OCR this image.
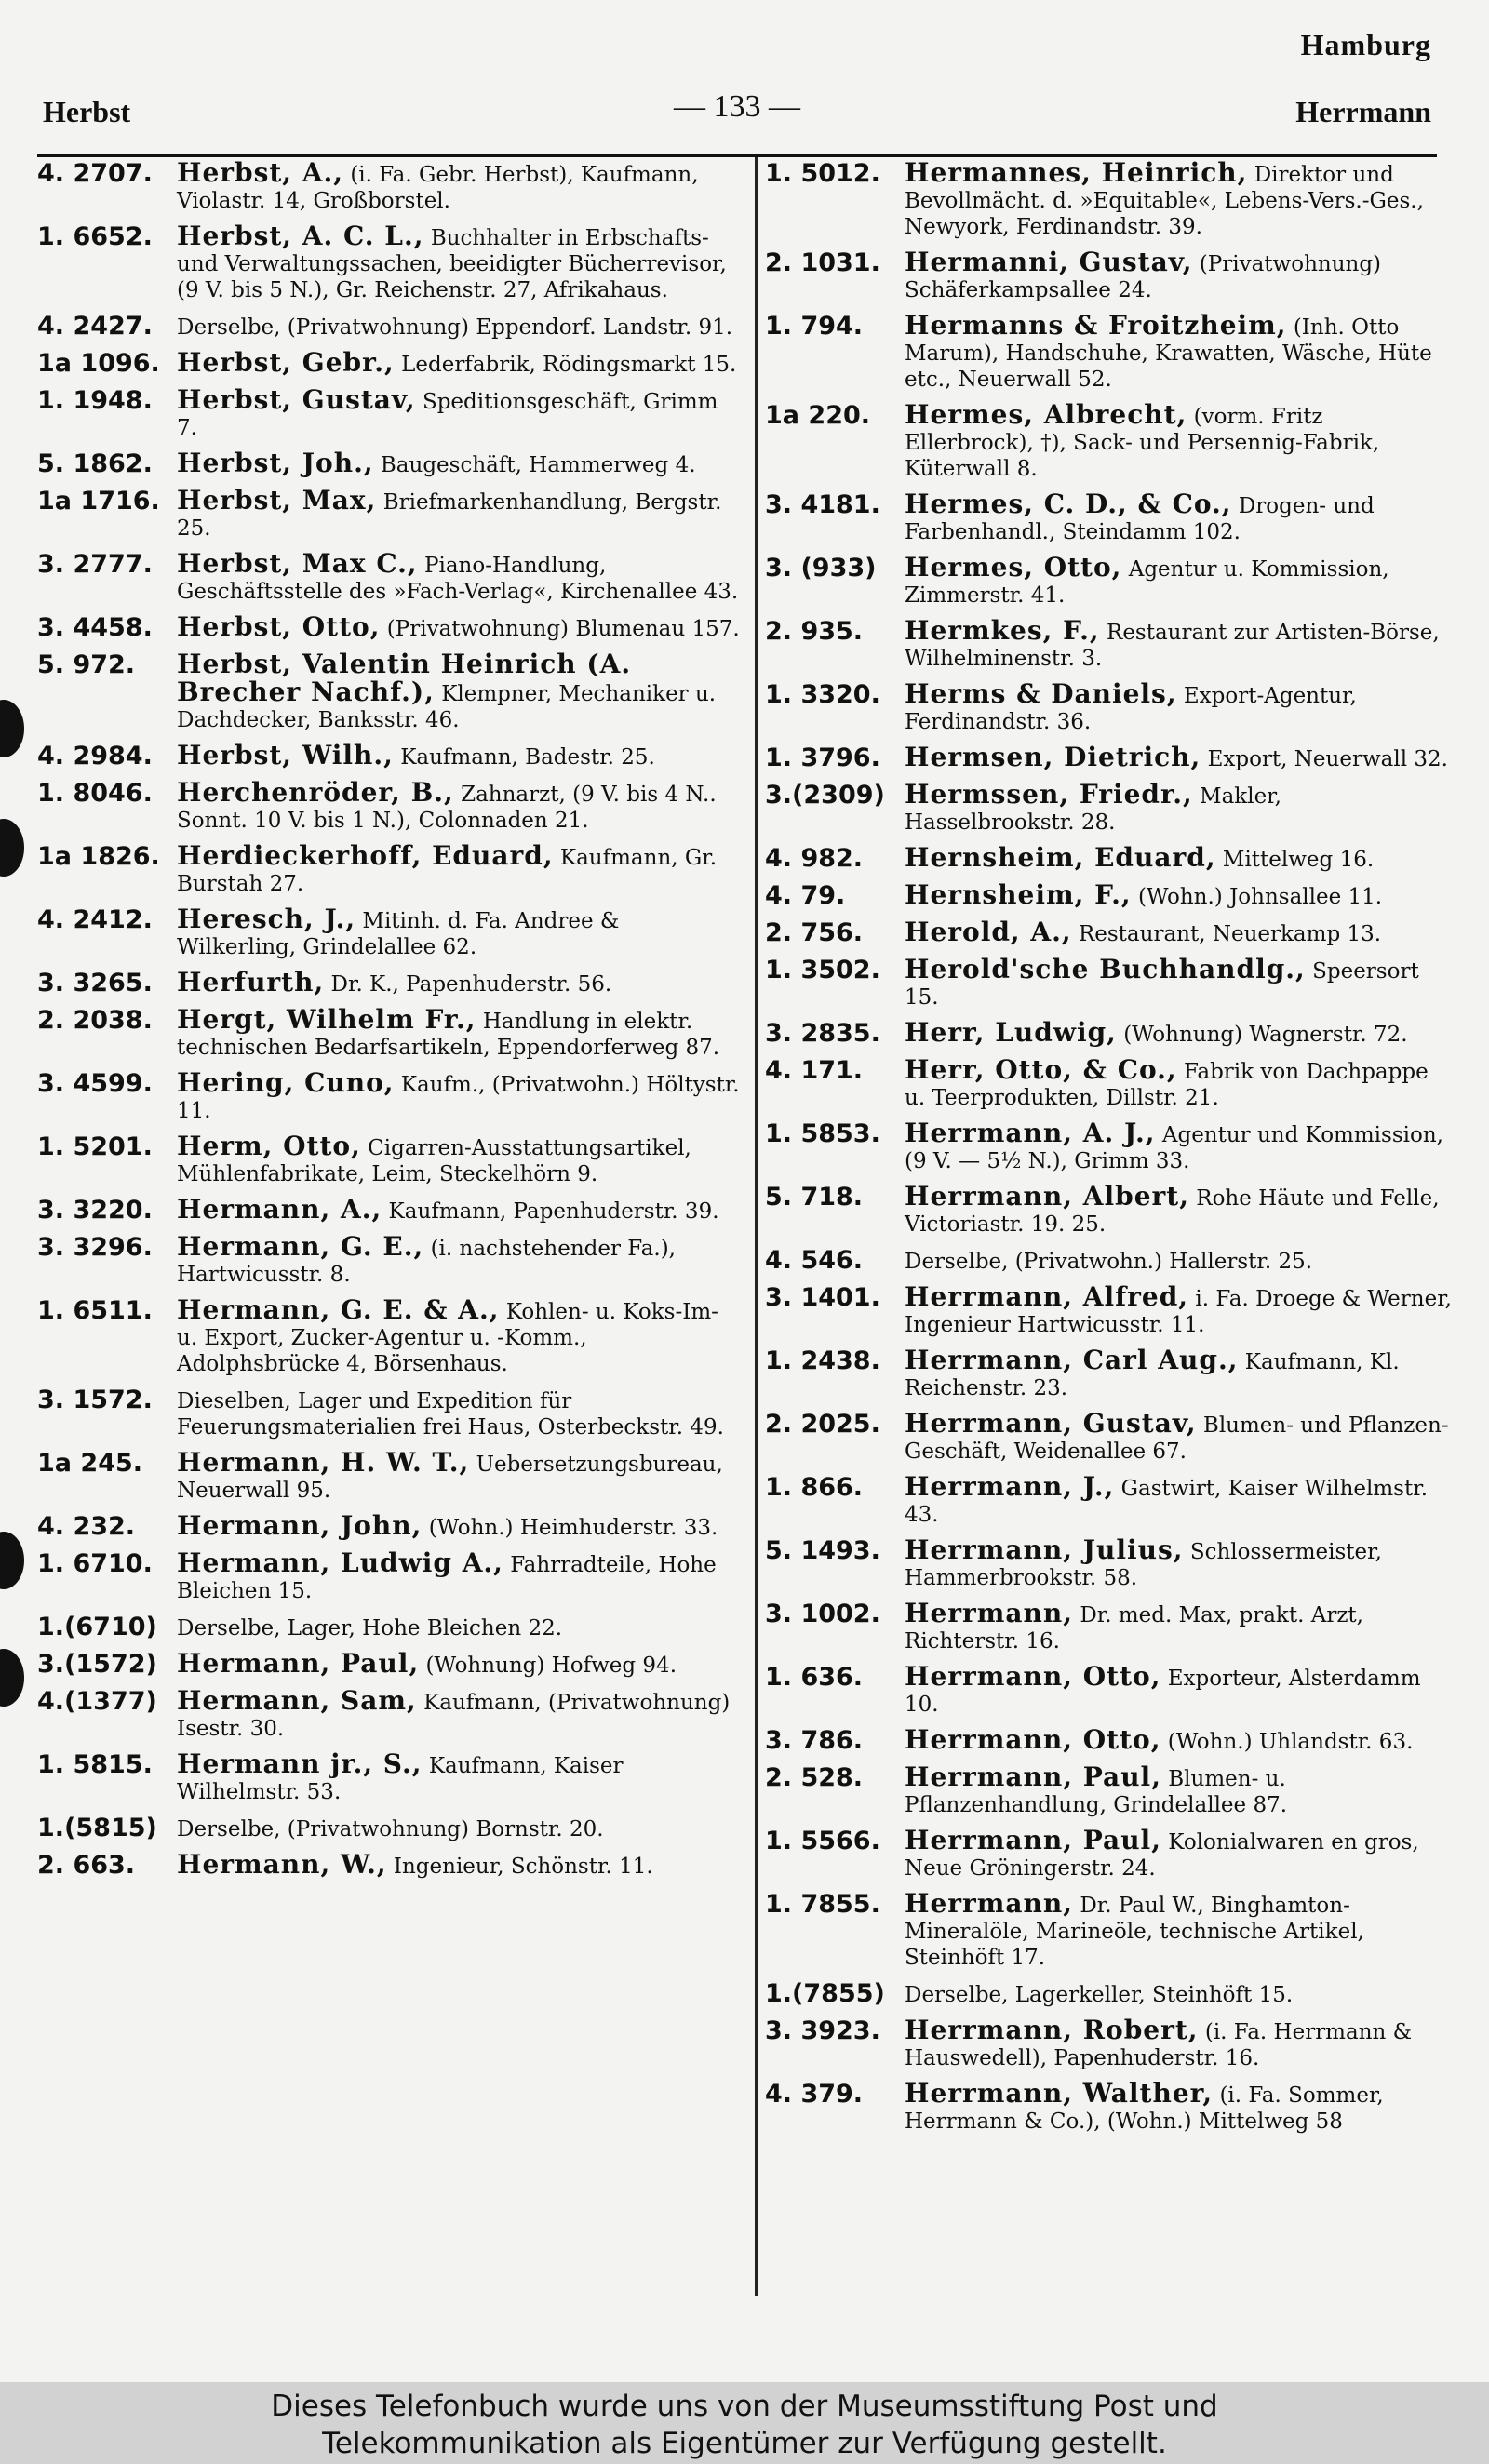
Hamburg
Herbst	— 133 —	Herrmann
4. 2707. Herbst, A., (i. Fa. Gebr. Herbst), Kaufmann, Violastr. 14, Großborstel.
1. 6652. Herbst, A. C. L., Buchhalter in Erbschafts- und Verwaltungssachen, beeidigter Bücherrevisor, (9 V. bis 5 N.), Gr. Reichenstr. 27, Afrikahaus.
4. 2427. Derselbe, (Privatwohnung) Eppendorf. Landstr. 91.
1a 1096. Herbst, Gebr., Lederfabrik, Rödingsmarkt 15.
1. 1948. Herbst, Gustav, Speditionsgeschäft, Grimm 7.
5. 1862. Herbst, Joh., Baugeschäft, Hammerweg 4.
1a 1716. Herbst, Max, Briefmarkenhandlung, Bergstr. 25.
3. 2777. Herbst, Max C., Piano-Handlung, Geschäftsstelle des »Fach-Verlag«, Kirchenallee 43.
3. 4458. Herbst, Otto, (Privatwohnung) Blumenau 157.
5. 972. Herbst, Valentin Heinrich (A. Brecher Nachf.), Klempner, Mechaniker u. Dachdecker, Banksstr. 46.
4. 2984. Herbst, Wilh., Kaufmann, Badestr. 25.
1. 8046. Herchenröder, B., Zahnarzt, (9 V. bis 4 N.. Sonnt. 10 V. bis 1 N.), Colonnaden 21.
1a 1826. Herdieckerhoff, Eduard, Kaufmann, Gr. Burstah 27.
4. 2412. Heresch, J., Mitinh. d. Fa. Andree & Wilkerling, Grindelallee 62.
3. 3265. Herfurth, Dr. K., Papenhuderstr. 56.
2. 2038. Hergt, Wilhelm Fr., Handlung in elektr. technischen Bedarfsartikeln, Eppendorferweg 87.
3. 4599. Hering, Cuno, Kaufm., (Privatwohn.) Höltystr. 11.
1. 5201. Herm, Otto, Cigarren-Ausstattungsartikel, Mühlenfabrikate, Leim, Steckelhörn 9.
3. 3220. Hermann, A., Kaufmann, Papenhuderstr. 39.
3. 3296. Hermann, G. E., (i. nachstehender Fa.), Hartwicusstr. 8.
1. 6511. Hermann, G. E. & A., Kohlen- u. Koks-Im- u. Export, Zucker-Agentur u. -Komm., Adolphsbrücke 4, Börsenhaus.
3. 1572. Dieselben, Lager und Expedition für Feuerungsmaterialien frei Haus, Osterbeckstr. 49.
1a 245. Hermann, H. W. T., Uebersetzungsbureau, Neuerwall 95.
4. 232. Hermann, John, (Wohn.) Heimhuderstr. 33.
1. 6710. Hermann, Ludwig A., Fahrradteile, Hohe Bleichen 15.
1.(6710) Derselbe, Lager, Hohe Bleichen 22.
3.(1572) Hermann, Paul, (Wohnung) Hofweg 94.
4.(1377) Hermann, Sam, Kaufmann, (Privatwohnung) Isestr. 30.
1. 5815. Hermann jr., S., Kaufmann, Kaiser Wilhelmstr. 53.
1.(5815) Derselbe, (Privatwohnung) Bornstr. 20.
2. 663. Hermann, W., Ingenieur, Schönstr. 11.
1. 5012. Hermannes, Heinrich, Direktor und Bevollmächt. d. »Equitable«, Lebens-Vers.-Ges., Newyork, Ferdinandstr. 39.
2. 1031. Hermanni, Gustav, (Privatwohnung) Schäferkampsallee 24.
1. 794. Hermanns & Froitzheim, (Inh. Otto Marum), Handschuhe, Krawatten, Wäsche, Hüte etc., Neuerwall 52.
1a 220. Hermes, Albrecht, (vorm. Fritz Ellerbrock), †), Sack- und Persennig-Fabrik, Küterwall 8.
3. 4181. Hermes, C. D., & Co., Drogen- und Farbenhandl., Steindamm 102.
3. (933) Hermes, Otto, Agentur u. Kommission, Zimmerstr. 41.
2. 935. Hermkes, F., Restaurant zur Artisten-Börse, Wilhelminenstr. 3.
1. 3320. Herms & Daniels, Export-Agentur, Ferdinandstr. 36.
1. 3796. Hermsen, Dietrich, Export, Neuerwall 32.
3.(2309) Hermssen, Friedr., Makler, Hasselbrookstr. 28.
4. 982. Hernsheim, Eduard, Mittelweg 16.
4. 79. Hernsheim, F., (Wohn.) Johnsallee 11.
2. 756. Herold, A., Restaurant, Neuerkamp 13.
1. 3502. Herold'sche Buchhandlg., Speersort 15.
3. 2835. Herr, Ludwig, (Wohnung) Wagnerstr. 72.
4. 171. Herr, Otto, & Co., Fabrik von Dachpappe u. Teerprodukten, Dillstr. 21.
1. 5853. Herrmann, A. J., Agentur und Kommission, (9 V. — 5½ N.), Grimm 33.
5. 718. Herrmann, Albert, Rohe Häute und Felle, Victoriastr. 19. 25.
4. 546. Derselbe, (Privatwohn.) Hallerstr. 25.
3. 1401. Herrmann, Alfred, i. Fa. Droege & Werner, Ingenieur Hartwicusstr. 11.
1. 2438. Herrmann, Carl Aug., Kaufmann, Kl. Reichenstr. 23.
2. 2025. Herrmann, Gustav, Blumen- und Pflanzen-Geschäft, Weidenallee 67.
1. 866. Herrmann, J., Gastwirt, Kaiser Wilhelmstr. 43.
5. 1493. Herrmann, Julius, Schlossermeister, Hammerbrookstr. 58.
3. 1002. Herrmann, Dr. med. Max, prakt. Arzt, Richterstr. 16.
1. 636. Herrmann, Otto, Exporteur, Alsterdamm 10.
3. 786. Herrmann, Otto, (Wohn.) Uhlandstr. 63.
2. 528. Herrmann, Paul, Blumen- u. Pflanzenhandlung, Grindelallee 87.
1. 5566. Herrmann, Paul, Kolonialwaren en gros, Neue Gröningerstr. 24.
1. 7855. Herrmann, Dr. Paul W., Binghamton-Mineralöle, Marineöle, technische Artikel, Steinhöft 17.
1.(7855) Derselbe, Lagerkeller, Steinhöft 15.
3. 3923. Herrmann, Robert, (i. Fa. Herrmann & Hauswedell), Papenhuderstr. 16.
4. 379. Herrmann, Walther, (i. Fa. Sommer, Herrmann & Co.), (Wohn.) Mittelweg 58
Dieses Telefonbuch wurde uns von der Museumsstiftung Post und
Telekommunikation als Eigentümer zur Verfügung gestellt.
